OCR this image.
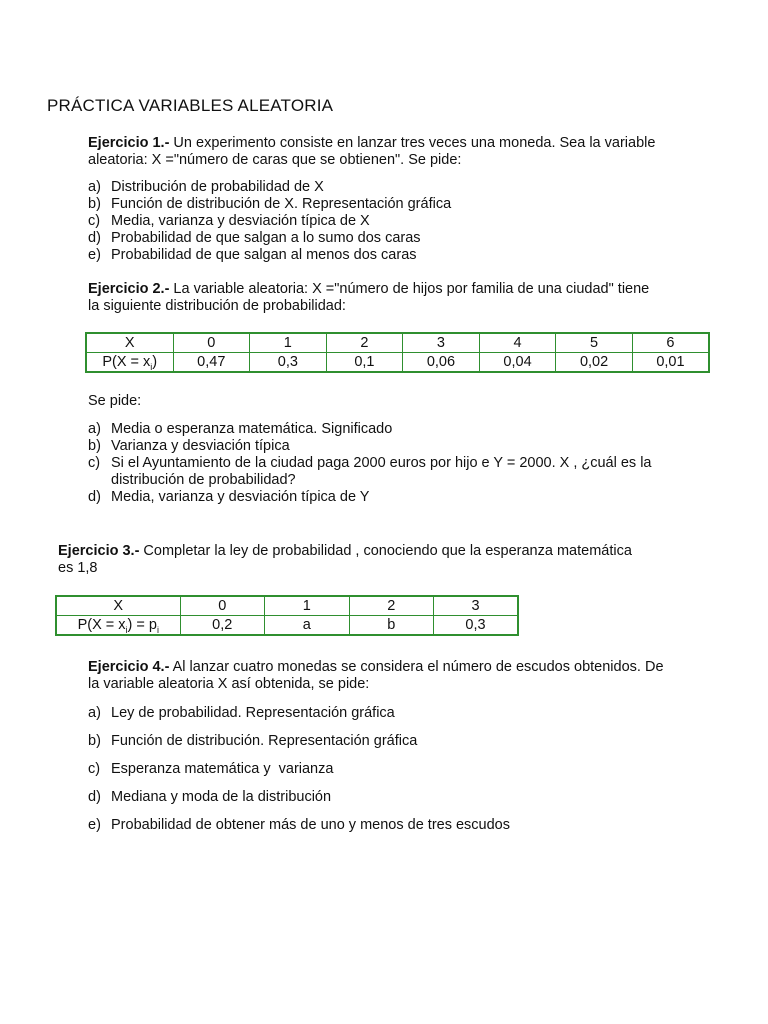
PRÁCTICA VARIABLES ALEATORIA
Ejercicio 1.- Un experimento consiste en lanzar tres veces una moneda. Sea la variable
aleatoria: X ="número de caras que se obtienen". Se pide:
a) Distribución de probabilidad de X
b) Función de distribución de X. Representación gráfica
c) Media, varianza y desviación típica de X
d) Probabilidad de que salgan a lo sumo dos caras
e) Probabilidad de que salgan al menos dos caras
Ejercicio 2.- La variable aleatoria: X ="número de hijos por familia de una ciudad" tiene
la siguiente distribución de probabilidad:
X	0	1	2	3	4	5	6
$P(X = x_i)$	0,47	0,3	0,1	0,06	0,04	0,02	0,01
Se pide:
a) Media o esperanza matemática. Significado
b) Varianza y desviación típica
c) Si el Ayuntamiento de la ciudad paga 2000 euros por hijo e Y = 2000. X , ¿cuál es la
distribución de probabilidad?
d) Media, varianza y desviación típica de Y
Ejercicio 3.- Completar la ley de probabilidad , conociendo que la esperanza matemática
es 1,8
X	0	1	2	3
$P(X = x_i) = p_i$	0,2	a	b	0,3
Ejercicio 4.- Al lanzar cuatro monedas se considera el número de escudos obtenidos. De
la variable aleatoria X así obtenida, se pide:
a) Ley de probabilidad. Representación gráfica
b) Función de distribución. Representación gráfica
c) Esperanza matemática y  varianza
d) Mediana y moda de la distribución
e) Probabilidad de obtener más de uno y menos de tres escudos
